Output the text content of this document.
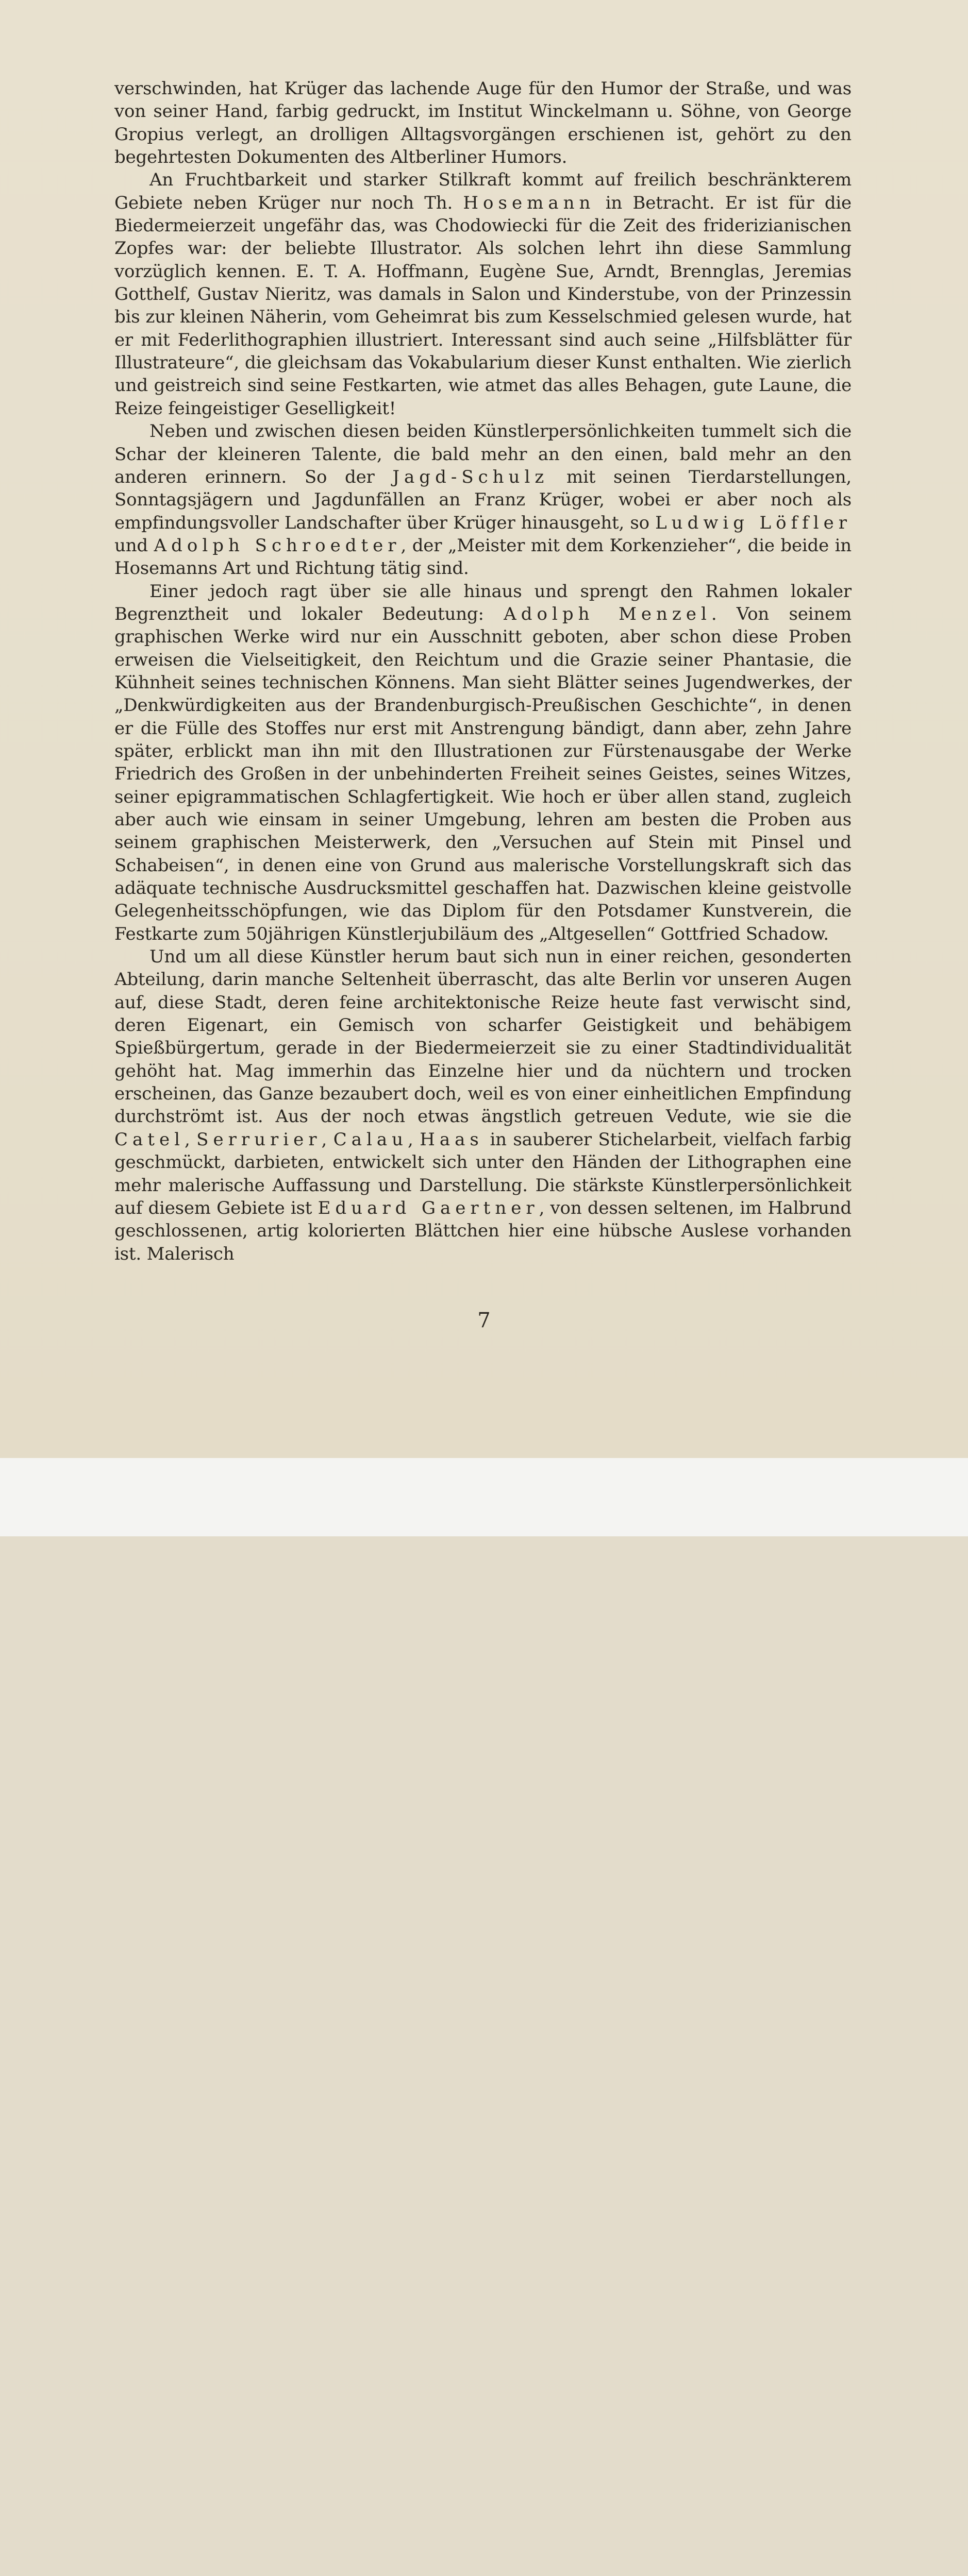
verschwinden, hat Krüger das lachende Auge für den Humor der Straße, und was von seiner Hand, farbig gedruckt, im Institut Winckelmann u. Söhne, von George Gropius verlegt, an drolligen Alltagsvorgängen erschienen ist, gehört zu den begehrtesten Dokumenten des Altberliner Humors.

An Fruchtbarkeit und starker Stilkraft kommt auf freilich beschränkterem Gebiete neben Krüger nur noch Th. Hosemann in Betracht. Er ist für die Biedermeierzeit ungefähr das, was Chodowiecki für die Zeit des friderizianischen Zopfes war: der beliebte Illustrator. Als solchen lehrt ihn diese Sammlung vorzüglich kennen. E. T. A. Hoffmann, Eugène Sue, Arndt, Brennglas, Jeremias Gotthelf, Gustav Nieritz, was damals in Salon und Kinderstube, von der Prinzessin bis zur kleinen Näherin, vom Geheimrat bis zum Kesselschmied gelesen wurde, hat er mit Federlithographien illustriert. Interessant sind auch seine „Hilfsblätter für Illustrateure“, die gleichsam das Vokabularium dieser Kunst enthalten. Wie zierlich und geistreich sind seine Festkarten, wie atmet das alles Behagen, gute Laune, die Reize feingeistiger Geselligkeit!

Neben und zwischen diesen beiden Künstlerpersönlichkeiten tummelt sich die Schar der kleineren Talente, die bald mehr an den einen, bald mehr an den anderen erinnern. So der Jagd-Schulz mit seinen Tierdarstellungen, Sonntagsjägern und Jagdunfällen an Franz Krüger, wobei er aber noch als empfindungsvoller Landschafter über Krüger hinausgeht, so Ludwig Löffler und Adolph Schroedter, der „Meister mit dem Korkenzieher“, die beide in Hosemanns Art und Richtung tätig sind.

Einer jedoch ragt über sie alle hinaus und sprengt den Rahmen lokaler Begrenztheit und lokaler Bedeutung: Adolph Menzel. Von seinem graphischen Werke wird nur ein Ausschnitt geboten, aber schon diese Proben erweisen die Vielseitigkeit, den Reichtum und die Grazie seiner Phantasie, die Kühnheit seines technischen Könnens. Man sieht Blätter seines Jugendwerkes, der „Denkwürdigkeiten aus der Brandenburgisch-Preußischen Geschichte“, in denen er die Fülle des Stoffes nur erst mit Anstrengung bändigt, dann aber, zehn Jahre später, erblickt man ihn mit den Illustrationen zur Fürstenausgabe der Werke Friedrich des Großen in der unbehinderten Freiheit seines Geistes, seines Witzes, seiner epigrammatischen Schlagfertigkeit. Wie hoch er über allen stand, zugleich aber auch wie einsam in seiner Umgebung, lehren am besten die Proben aus seinem graphischen Meisterwerk, den „Versuchen auf Stein mit Pinsel und Schabeisen“, in denen eine von Grund aus malerische Vorstellungskraft sich das adäquate technische Ausdrucksmittel geschaffen hat. Dazwischen kleine geistvolle Gelegenheitsschöpfungen, wie das Diplom für den Potsdamer Kunstverein, die Festkarte zum 50jährigen Künstlerjubiläum des „Altgesellen“ Gottfried Schadow.

Und um all diese Künstler herum baut sich nun in einer reichen, gesonderten Abteilung, darin manche Seltenheit überrascht, das alte Berlin vor unseren Augen auf, diese Stadt, deren feine architektonische Reize heute fast verwischt sind, deren Eigenart, ein Gemisch von scharfer Geistigkeit und behäbigem Spießbürgertum, gerade in der Biedermeierzeit sie zu einer Stadtindividualität gehöht hat. Mag immerhin das Einzelne hier und da nüchtern und trocken erscheinen, das Ganze bezaubert doch, weil es von einer einheitlichen Empfindung durchströmt ist. Aus der noch etwas ängstlich getreuen Vedute, wie sie die Catel, Serrurier, Calau, Haas in sauberer Stichelarbeit, vielfach farbig geschmückt, darbieten, entwickelt sich unter den Händen der Lithographen eine mehr malerische Auffassung und Darstellung. Die stärkste Künstlerpersönlichkeit auf diesem Gebiete ist Eduard Gaertner, von dessen seltenen, im Halbrund geschlossenen, artig kolorierten Blättchen hier eine hübsche Auslese vorhanden ist. Malerisch

7
